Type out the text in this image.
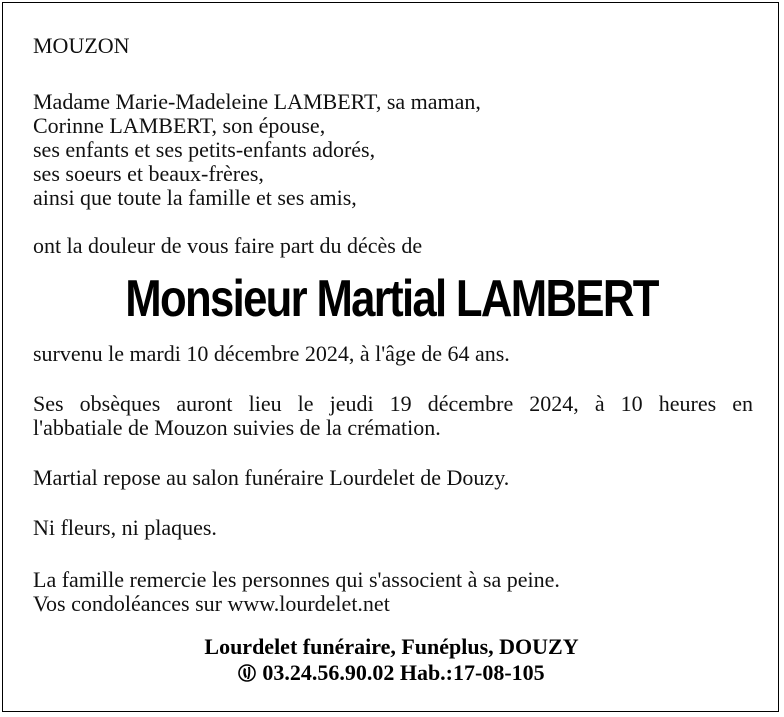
MOUZON

Madame Marie-Madeleine LAMBERT, sa maman,
Corinne LAMBERT, son épouse,
ses enfants et ses petits-enfants adorés,
ses soeurs et beaux-frères,
ainsi que toute la famille et ses amis,

ont la douleur de vous faire part du décès de

Monsieur Martial LAMBERT

survenu le mardi 10 décembre 2024, à l'âge de 64 ans.

Ses obsèques auront lieu le jeudi 19 décembre 2024, à 10 heures en
l'abbatiale de Mouzon suivies de la crémation.

Martial repose au salon funéraire Lourdelet de Douzy.

Ni fleurs, ni plaques.

La famille remercie les personnes qui s'associent à sa peine.
Vos condoléances sur www.lourdelet.net
Lourdelet funéraire, Funéplus, DOUZY
03.24.56.90.02 Hab.:17-08-105
